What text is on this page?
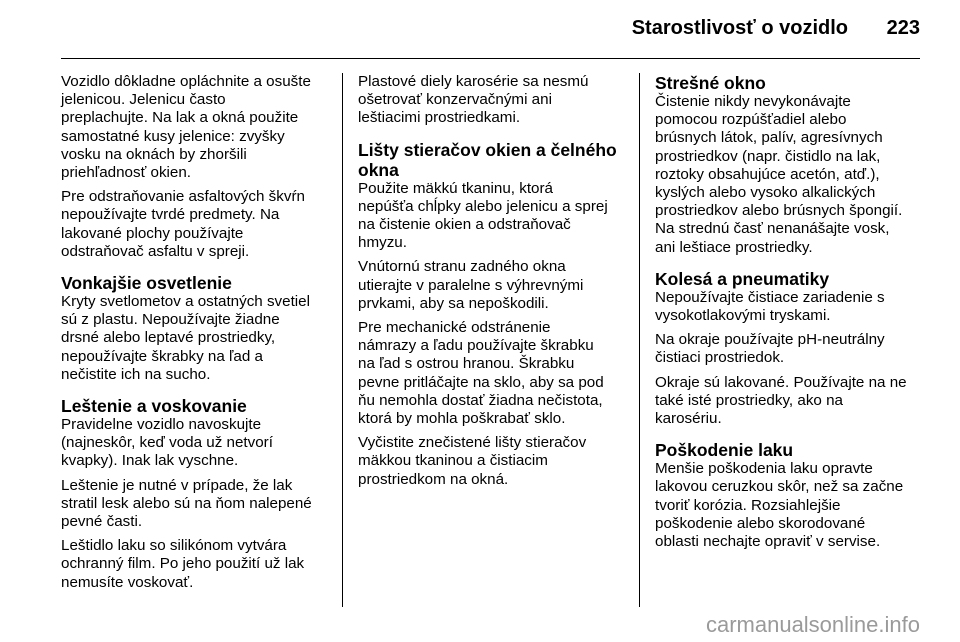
Starostlivosť o vozidlo 223

Vozidlo dôkladne opláchnite a osušte
jelenicou. Jelenicu často
preplachujte. Na lak a okná použite
samostatné kusy jelenice: zvyšky
vosku na oknách by zhoršili
priehľadnosť okien.

Pre odstraňovanie asfaltových škvŕn
nepoužívajte tvrdé predmety. Na
lakované plochy používajte
odstraňovač asfaltu v spreji.

Vonkajšie osvetlenie

Kryty svetlometov a ostatných svetiel
sú z plastu. Nepoužívajte žiadne
drsné alebo leptavé prostriedky,
nepoužívajte škrabky na ľad a
nečistite ich na sucho.

Leštenie a voskovanie

Pravidelne vozidlo navoskujte
(najneskôr, keď voda už netvorí
kvapky). Inak lak vyschne.

Leštenie je nutné v prípade, že lak
stratil lesk alebo sú na ňom nalepené
pevné časti.

Leštidlo laku so silikónom vytvára
ochranný film. Po jeho použití už lak
nemusíte voskovať.

Plastové diely karosérie sa nesmú
ošetrovať konzervačnými ani
leštiacimi prostriedkami.

Lišty stieračov okien a čelného
okna

Použite mäkkú tkaninu, ktorá
nepúšťa chĺpky alebo jelenicu a sprej
na čistenie okien a odstraňovač
hmyzu.

Vnútornú stranu zadného okna
utierajte v paralelne s výhrevnými
prvkami, aby sa nepoškodili.

Pre mechanické odstránenie
námrazy a ľadu používajte škrabku
na ľad s ostrou hranou. Škrabku
pevne pritláčajte na sklo, aby sa pod
ňu nemohla dostať žiadna nečistota,
ktorá by mohla poškrabať sklo.

Vyčistite znečistené lišty stieračov
mäkkou tkaninou a čistiacim
prostriedkom na okná.

Strešné okno

Čistenie nikdy nevykonávajte
pomocou rozpúšťadiel alebo
brúsnych látok, palív, agresívnych
prostriedkov (napr. čistidlo na lak,
roztoky obsahujúce acetón, atď.),
kyslých alebo vysoko alkalických
prostriedkov alebo brúsnych špongií.
Na strednú časť nenanášajte vosk,
ani leštiace prostriedky.

Kolesá a pneumatiky

Nepoužívajte čistiace zariadenie s
vysokotlakovými tryskami.

Na okraje používajte pH-neutrálny
čistiaci prostriedok.

Okraje sú lakované. Používajte na ne
také isté prostriedky, ako na
karosériu.

Poškodenie laku

Menšie poškodenia laku opravte
lakovou ceruzkou skôr, než sa začne
tvoriť korózia. Rozsiahlejšie
poškodenie alebo skorodované
oblasti nechajte opraviť v servise.

carmanualsonline.info
